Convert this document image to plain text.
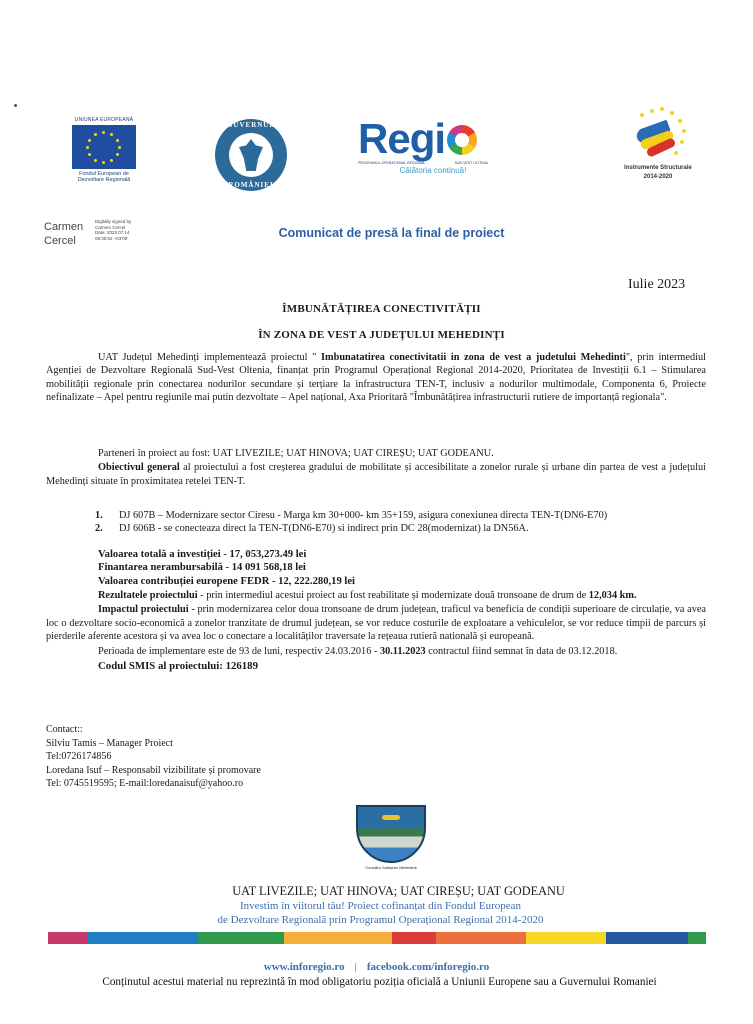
UNIUNEA EUROPEANĂ
Fondul European de
Dezvoltare Regională
GUVERNUL
ROMÂNIEI
Regi
PROGRAMUL OPERAȚIONAL REGIONAL	SUD-VEST OLTENIA
Călătoria continuă!	Instrumente Structurale
2014-2020
Carmen
Cercel
Digitally signed by
Carmen Cercel
Date: 2023.07.14
09:30:52 +03'00'	Comunicat de presă la final de proiect
Iulie 2023
ÎMBUNĂTĂȚIREA CONECTIVITĂȚII
ÎN ZONA DE VEST A JUDEȚULUI MEHEDINȚI

UAT Județul Mehedinți implementează proiectul " Imbunatatirea conectivitatii in zona de vest a judetului Mehedinti", prin intermediul Agenției de Dezvoltare Regională Sud-Vest Oltenia, finanțat prin Programul Operațional Regional 2014-2020, Prioritatea de Investiții 6.1 – Stimularea mobilității regionale prin conectarea nodurilor secundare și terțiare la infrastructura TEN-T, inclusiv a nodurilor multimodale, Componenta 6, Proiecte nefinalizate – Apel pentru regiunile mai putin dezvoltate – Apel național, Axa Prioritară "Îmbunătățirea infrastructurii rutiere de importanță regionala".

Parteneri în proiect au fost: UAT LIVEZILE; UAT HINOVA; UAT CIREȘU; UAT GODEANU.

Obiectivul general al proiectului a fost creșterea gradului de mobilitate și accesibilitate a zonelor rurale și urbane din partea de vest a județului Mehedinți situate în proximitatea retelei TEN-T.

1.	DJ 607B – Modernizare sector Ciresu - Marga km 30+000- km 35+159, asigura conexiunea directa TEN-T(DN6-E70)
2.	DJ 606B - se conecteaza direct la TEN-T(DN6-E70) si indirect prin DC 28(modernizat) la DN56A.
Valoarea totală a investiției - 17, 053,273.49 lei
Finantarea nerambursabilă - 14 091 568,18 lei
Valoarea contribuției europene FEDR - 12, 222.280,19 lei

Rezultatele proiectului - prin intermediul acestui proiect au fost reabilitate și modernizate două tronsoane de drum de 12,034 km.

Impactul proiectului - prin modernizarea celor doua tronsoane de drum județean, traficul va beneficia de condiții superioare de circulație, va avea loc o dezvoltare socio-economică a zonelor tranzitate de drumul județean, se vor reduce costurile de exploatare a vehiculelor, se vor reduce timpii de parcurs și pierderile aferente acestora și va avea loc o conectare a localităților traversate la rețeaua rutieră natională și europeană.

Perioada de implementare este de 93 de luni, respectiv 24.03.2016 - 30.11.2023 contractul fiind semnat în data de 03.12.2018.

Codul SMIS al proiectului: 126189

Contact::
Silviu Tamis – Manager Proiect
Tel:0726174856
Loredana Isuf – Responsabil vizibilitate și promovare
Tel: 0745519595; E-mail:loredanaisuf@yahoo.ro
Consiliul Județean Mehedinți
UAT LIVEZILE; UAT HINOVA; UAT CIREȘU; UAT GODEANU
Investim în viitorul tău! Proiect cofinanțat din Fondul European
de Dezvoltare Regională prin Programul Operațional Regional 2014-2020
www.inforegio.ro | facebook.com/inforegio.ro
Conținutul acestui material nu reprezintă în mod obligatoriu poziția oficială a Uniunii Europene sau a Guvernului Romaniei
